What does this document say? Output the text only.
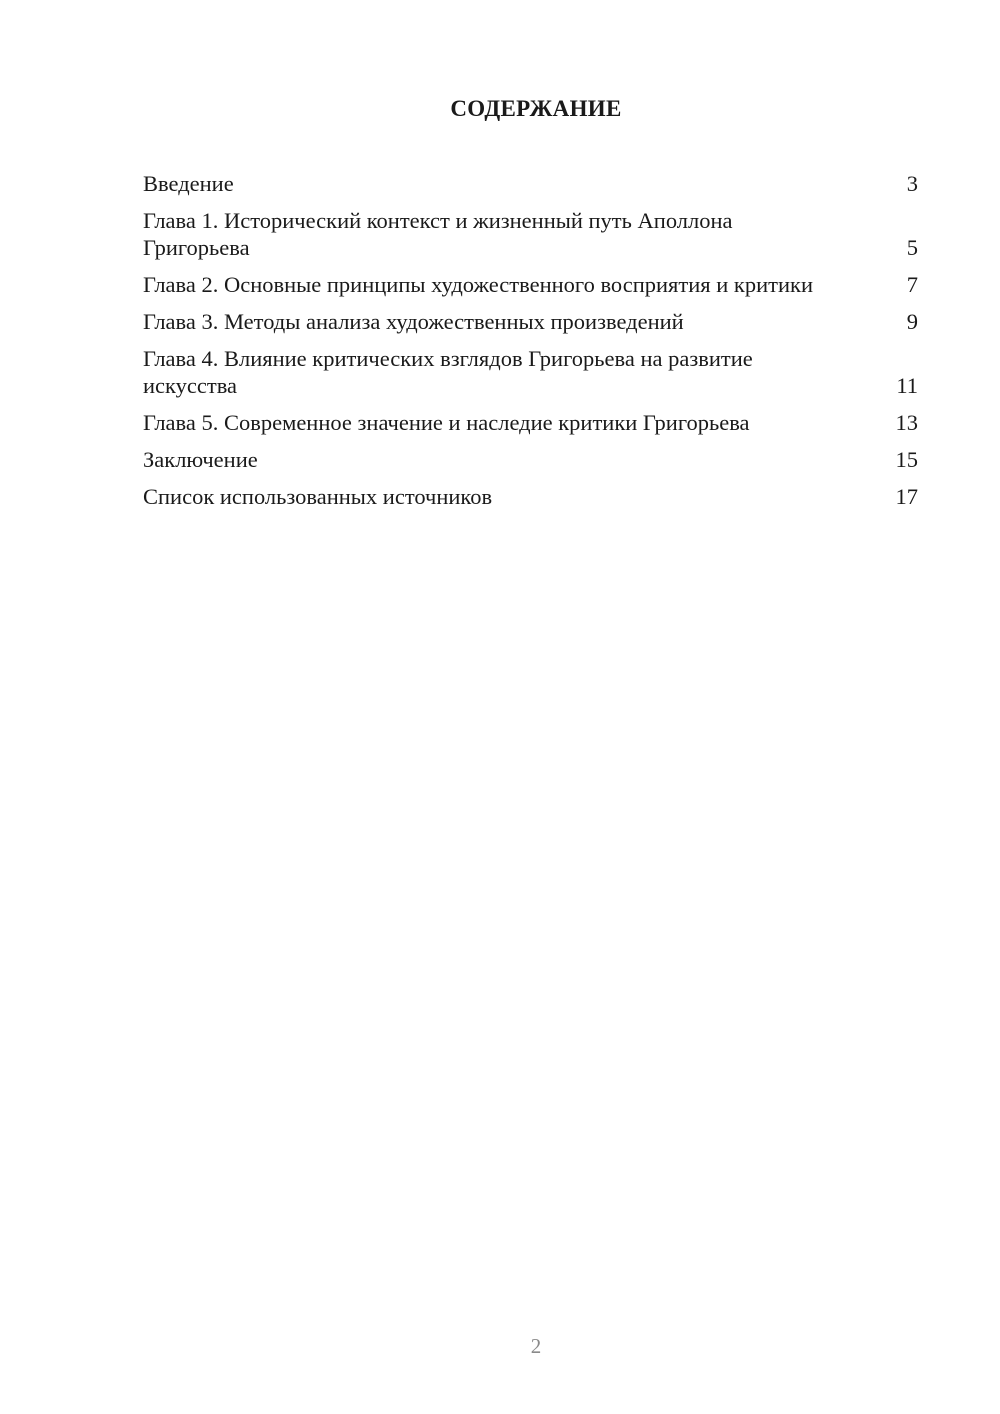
СОДЕРЖАНИЕ
Введение	3
Глава 1. Исторический контекст и жизненный путь Аполлона Григорьева	5
Глава 2. Основные принципы художественного восприятия и критики	7
Глава 3. Методы анализа художественных произведений	9
Глава 4. Влияние критических взглядов Григорьева на развитие искусства	11
Глава 5. Современное значение и наследие критики Григорьева	13
Заключение	15
Список использованных источников	17
2
